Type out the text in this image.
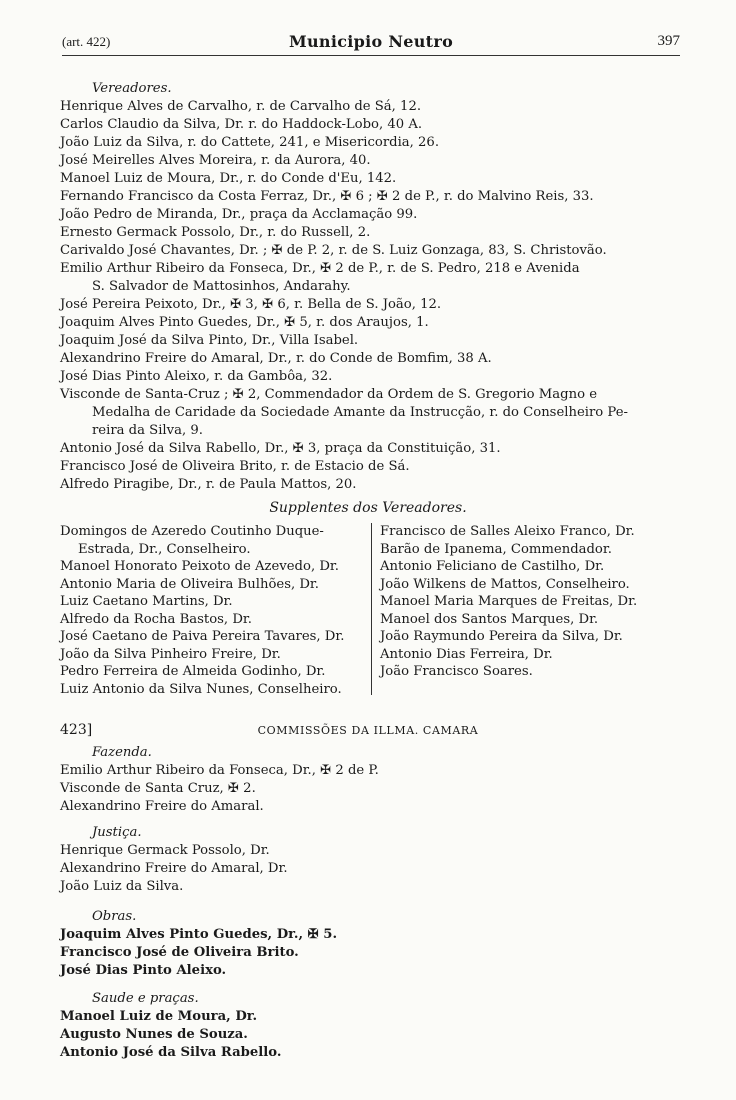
(art. 422)	Municipio Neutro	397
Vereadores.
Henrique Alves de Carvalho, r. de Carvalho de Sá, 12.
Carlos Claudio da Silva, Dr. r. do Haddock-Lobo, 40 A.
João Luiz da Silva, r. do Cattete, 241, e Misericordia, 26.
José Meirelles Alves Moreira, r. da Aurora, 40.
Manoel Luiz de Moura, Dr., r. do Conde d'Eu, 142.
Fernando Francisco da Costa Ferraz, Dr., ✠ 6 ; ✠ 2 de P., r. do Malvino Reis, 33.
João Pedro de Miranda, Dr., praça da Acclamação 99.
Ernesto Germack Possolo, Dr., r. do Russell, 2.
Carivaldo José Chavantes, Dr. ; ✠ de P. 2, r. de S. Luiz Gonzaga, 83, S. Christovão.
Emilio Arthur Ribeiro da Fonseca, Dr., ✠ 2 de P., r. de S. Pedro, 218 e Avenida
S. Salvador de Mattosinhos, Andarahy.
José Pereira Peixoto, Dr., ✠ 3, ✠ 6, r. Bella de S. João, 12.
Joaquim Alves Pinto Guedes, Dr., ✠ 5, r. dos Araujos, 1.
Joaquim José da Silva Pinto, Dr., Villa Isabel.
Alexandrino Freire do Amaral, Dr., r. do Conde de Bomfim, 38 A.
José Dias Pinto Aleixo, r. da Gambôa, 32.
Visconde de Santa-Cruz ; ✠ 2, Commendador da Ordem de S. Gregorio Magno e
Medalha de Caridade da Sociedade Amante da Instrucção, r. do Conselheiro Pe-
reira da Silva, 9.
Antonio José da Silva Rabello, Dr., ✠ 3, praça da Constituição, 31.
Francisco José de Oliveira Brito, r. de Estacio de Sá.
Alfredo Piragibe, Dr., r. de Paula Mattos, 20.
Supplentes dos Vereadores.
Domingos de Azeredo Coutinho Duque-
Estrada, Dr., Conselheiro.
Manoel Honorato Peixoto de Azevedo, Dr.
Antonio Maria de Oliveira Bulhões, Dr.
Luiz Caetano Martins, Dr.
Alfredo da Rocha Bastos, Dr.
José Caetano de Paiva Pereira Tavares, Dr.
João da Silva Pinheiro Freire, Dr.
Pedro Ferreira de Almeida Godinho, Dr.
Luiz Antonio da Silva Nunes, Conselheiro.
Francisco de Salles Aleixo Franco, Dr.
Barão de Ipanema, Commendador.
Antonio Feliciano de Castilho, Dr.
João Wilkens de Mattos, Conselheiro.
Manoel Maria Marques de Freitas, Dr.
Manoel dos Santos Marques, Dr.
João Raymundo Pereira da Silva, Dr.
Antonio Dias Ferreira, Dr.
João Francisco Soares.
423]	COMMISSÕES DA ILLMA. CAMARA
Fazenda.
Emilio Arthur Ribeiro da Fonseca, Dr., ✠ 2 de P.
Visconde de Santa Cruz, ✠ 2.
Alexandrino Freire do Amaral.
Justiça.
Henrique Germack Possolo, Dr.
Alexandrino Freire do Amaral, Dr.
João Luiz da Silva.
Obras.
Joaquim Alves Pinto Guedes, Dr., ✠ 5.
Francisco José de Oliveira Brito.
José Dias Pinto Aleixo.
Saude e praças.
Manoel Luiz de Moura, Dr.
Augusto Nunes de Souza.
Antonio José da Silva Rabello.
